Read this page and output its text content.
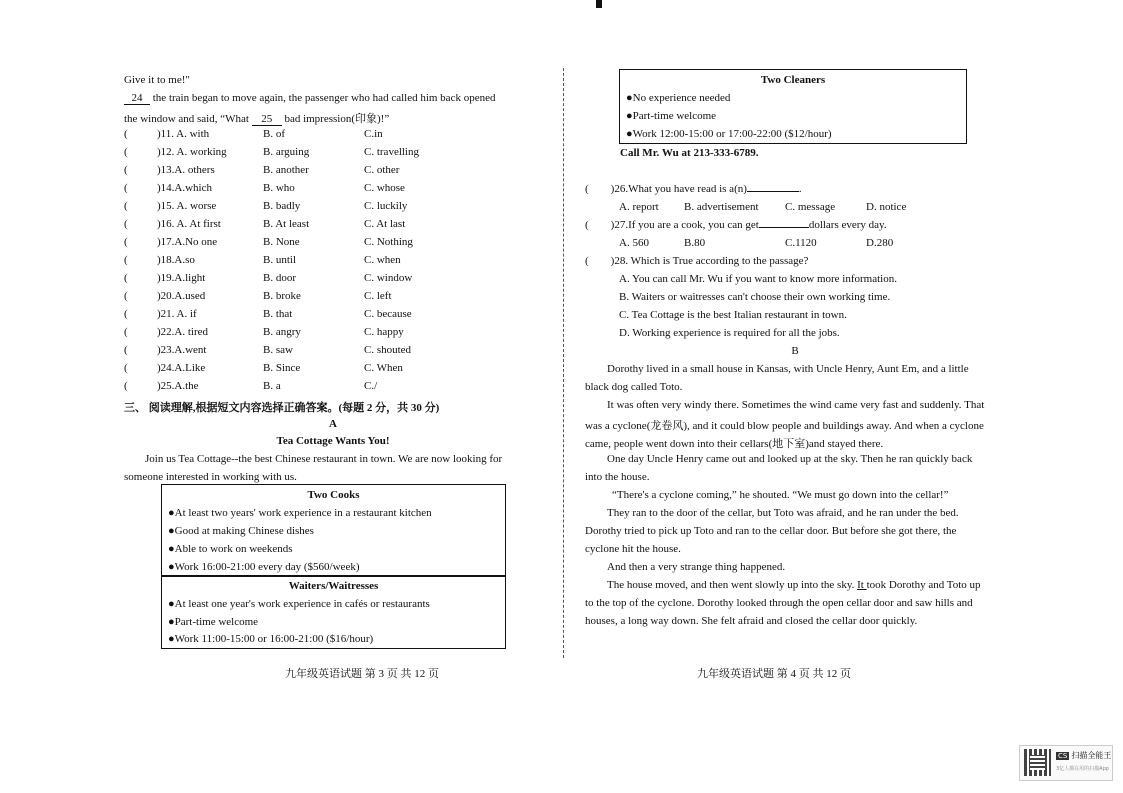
Give it to me!"
24 the train began to move again, the passenger who had called him back opened
the window and said, “What 25 bad impression(印象)!”
(	)11. A. with	B. of	C.in
(	)12. A. working	B. arguing	C. travelling
(	)13.A. others	B. another	C. other
(	)14.A.which	B. who	C. whose
(	)15. A. worse	B. badly	C. luckily
(	)16. A. At first	B. At least	C. At last
(	)17.A.No one	B. None	C. Nothing
(	)18.A.so	B. until	C. when
(	)19.A.light	B. door	C. window
(	)20.A.used	B. broke	C. left
(	)21. A. if	B. that	C. because
(	)22.A. tired	B. angry	C. happy
(	)23.A.went	B. saw	C. shouted
(	)24.A.Like	B. Since	C. When
(	)25.A.the	B. a	C./
三、 阅读理解,根据短文内容选择正确答案。(每题 2 分，共 30 分)
A
Tea Cottage Wants You!
Join us Tea Cottage--the best Chinese restaurant in town. We are now looking for
someone interested in working with us.
Two Cooks
●At least two years' work experience in a restaurant kitchen
●Good at making Chinese dishes
●Able to work on weekends
●Work 16:00-21:00 every day ($560/week)
Waiters/Waitresses
●At least one year's work experience in cafés or restaurants
●Part-time welcome
●Work 11:00-15:00 or 16:00-21:00 ($16/hour)
九年级英语试题 第 3 页 共 12 页
Two Cleaners
●No experience needed
●Part-time welcome
●Work 12:00-15:00 or 17:00-22:00 ($12/hour)
Call Mr. Wu at 213-333-6789.
( )26.What you have read is a(n)	.
A. report B. advertisement C. message	D. notice
( )27.If you are a cook, you can get	dollars every day.
A. 560	B.80	C.1120	D.280
( )28. Which is True according to the passage?
A. You can call Mr. Wu if you want to know more information.
B. Waiters or waitresses can't choose their own working time.
C. Tea Cottage is the best Italian restaurant in town.
D. Working experience is required for all the jobs.
B
Dorothy lived in a small house in Kansas, with Uncle Henry, Aunt Em, and a little
black dog called Toto.
It was often very windy there. Sometimes the wind came very fast and suddenly. That
was a cyclone(龙卷风), and it could blow people and buildings away. And when a cyclone
came, people went down into their cellars(地下室)and stayed there.
One day Uncle Henry came out and looked up at the sky. Then he ran quickly back
into the house.
“There's a cyclone coming,” he shouted. “We must go down into the cellar!”
They ran to the door of the cellar, but Toto was afraid, and he ran under the bed.
Dorothy tried to pick up Toto and ran to the cellar door. But before she got there, the
cyclone hit the house.
And then a very strange thing happened.
The house moved, and then went slowly up into the sky. It took Dorothy and Toto up
to the top of the cyclone. Dorothy looked through the open cellar door and saw hills and
houses, a long way down. She felt afraid and closed the cellar door quickly.
九年级英语试题 第 4 页 共 12 页
CS 扫描全能王
3亿人都在用的扫描App
